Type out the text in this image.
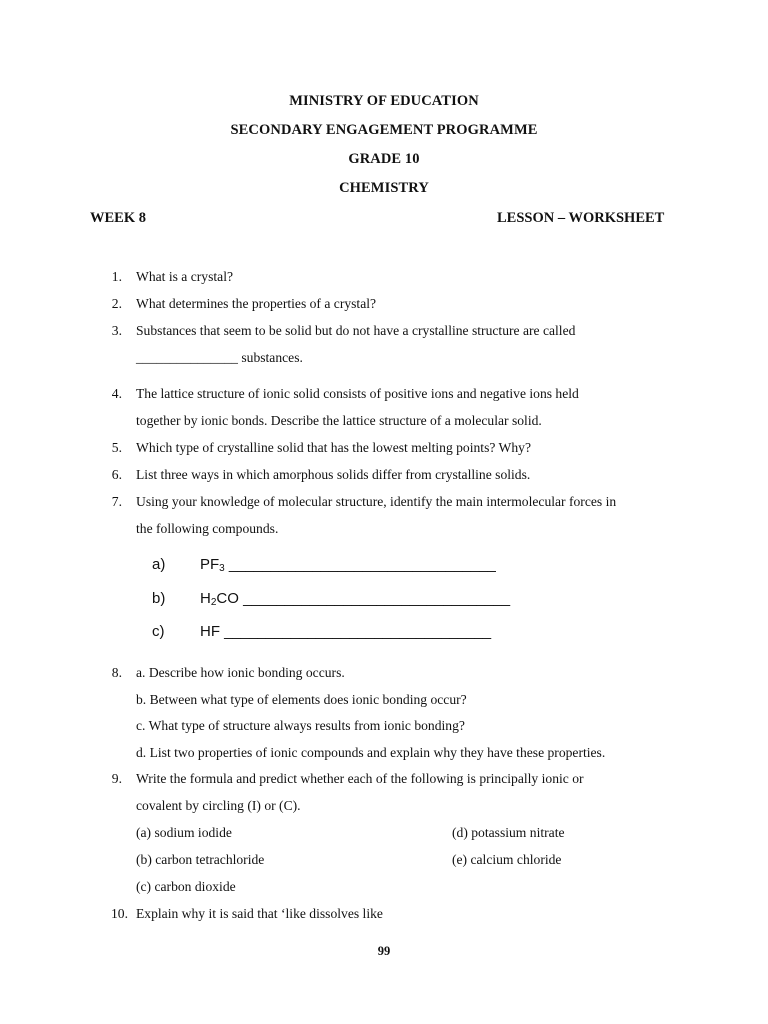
MINISTRY OF EDUCATION
SECONDARY ENGAGEMENT PROGRAMME
GRADE 10
CHEMISTRY
WEEK 8	LESSON – WORKSHEET
1. What is a crystal?
2. What determines the properties of a crystal?
3. Substances that seem to be solid but do not have a crystalline structure are called
_______________ substances.
4. The lattice structure of ionic solid consists of positive ions and negative ions held
together by ionic bonds. Describe the lattice structure of a molecular solid.
5. Which type of crystalline solid that has the lowest melting points? Why?
6. List three ways in which amorphous solids differ from crystalline solids.
7. Using your knowledge of molecular structure, identify the main intermolecular forces in
the following compounds.
a) $PF_3$ ________________________________
b) $H_2CO$ ________________________________
c) HF ________________________________
8. a. Describe how ionic bonding occurs.
b. Between what type of elements does ionic bonding occur?
c. What type of structure always results from ionic bonding?
d. List two properties of ionic compounds and explain why they have these properties.
9. Write the formula and predict whether each of the following is principally ionic or
covalent by circling (I) or (C).
(a) sodium iodide	(d) potassium nitrate
(b) carbon tetrachloride	(e) calcium chloride
(c) carbon dioxide
10. Explain why it is said that ‘like dissolves like
99
